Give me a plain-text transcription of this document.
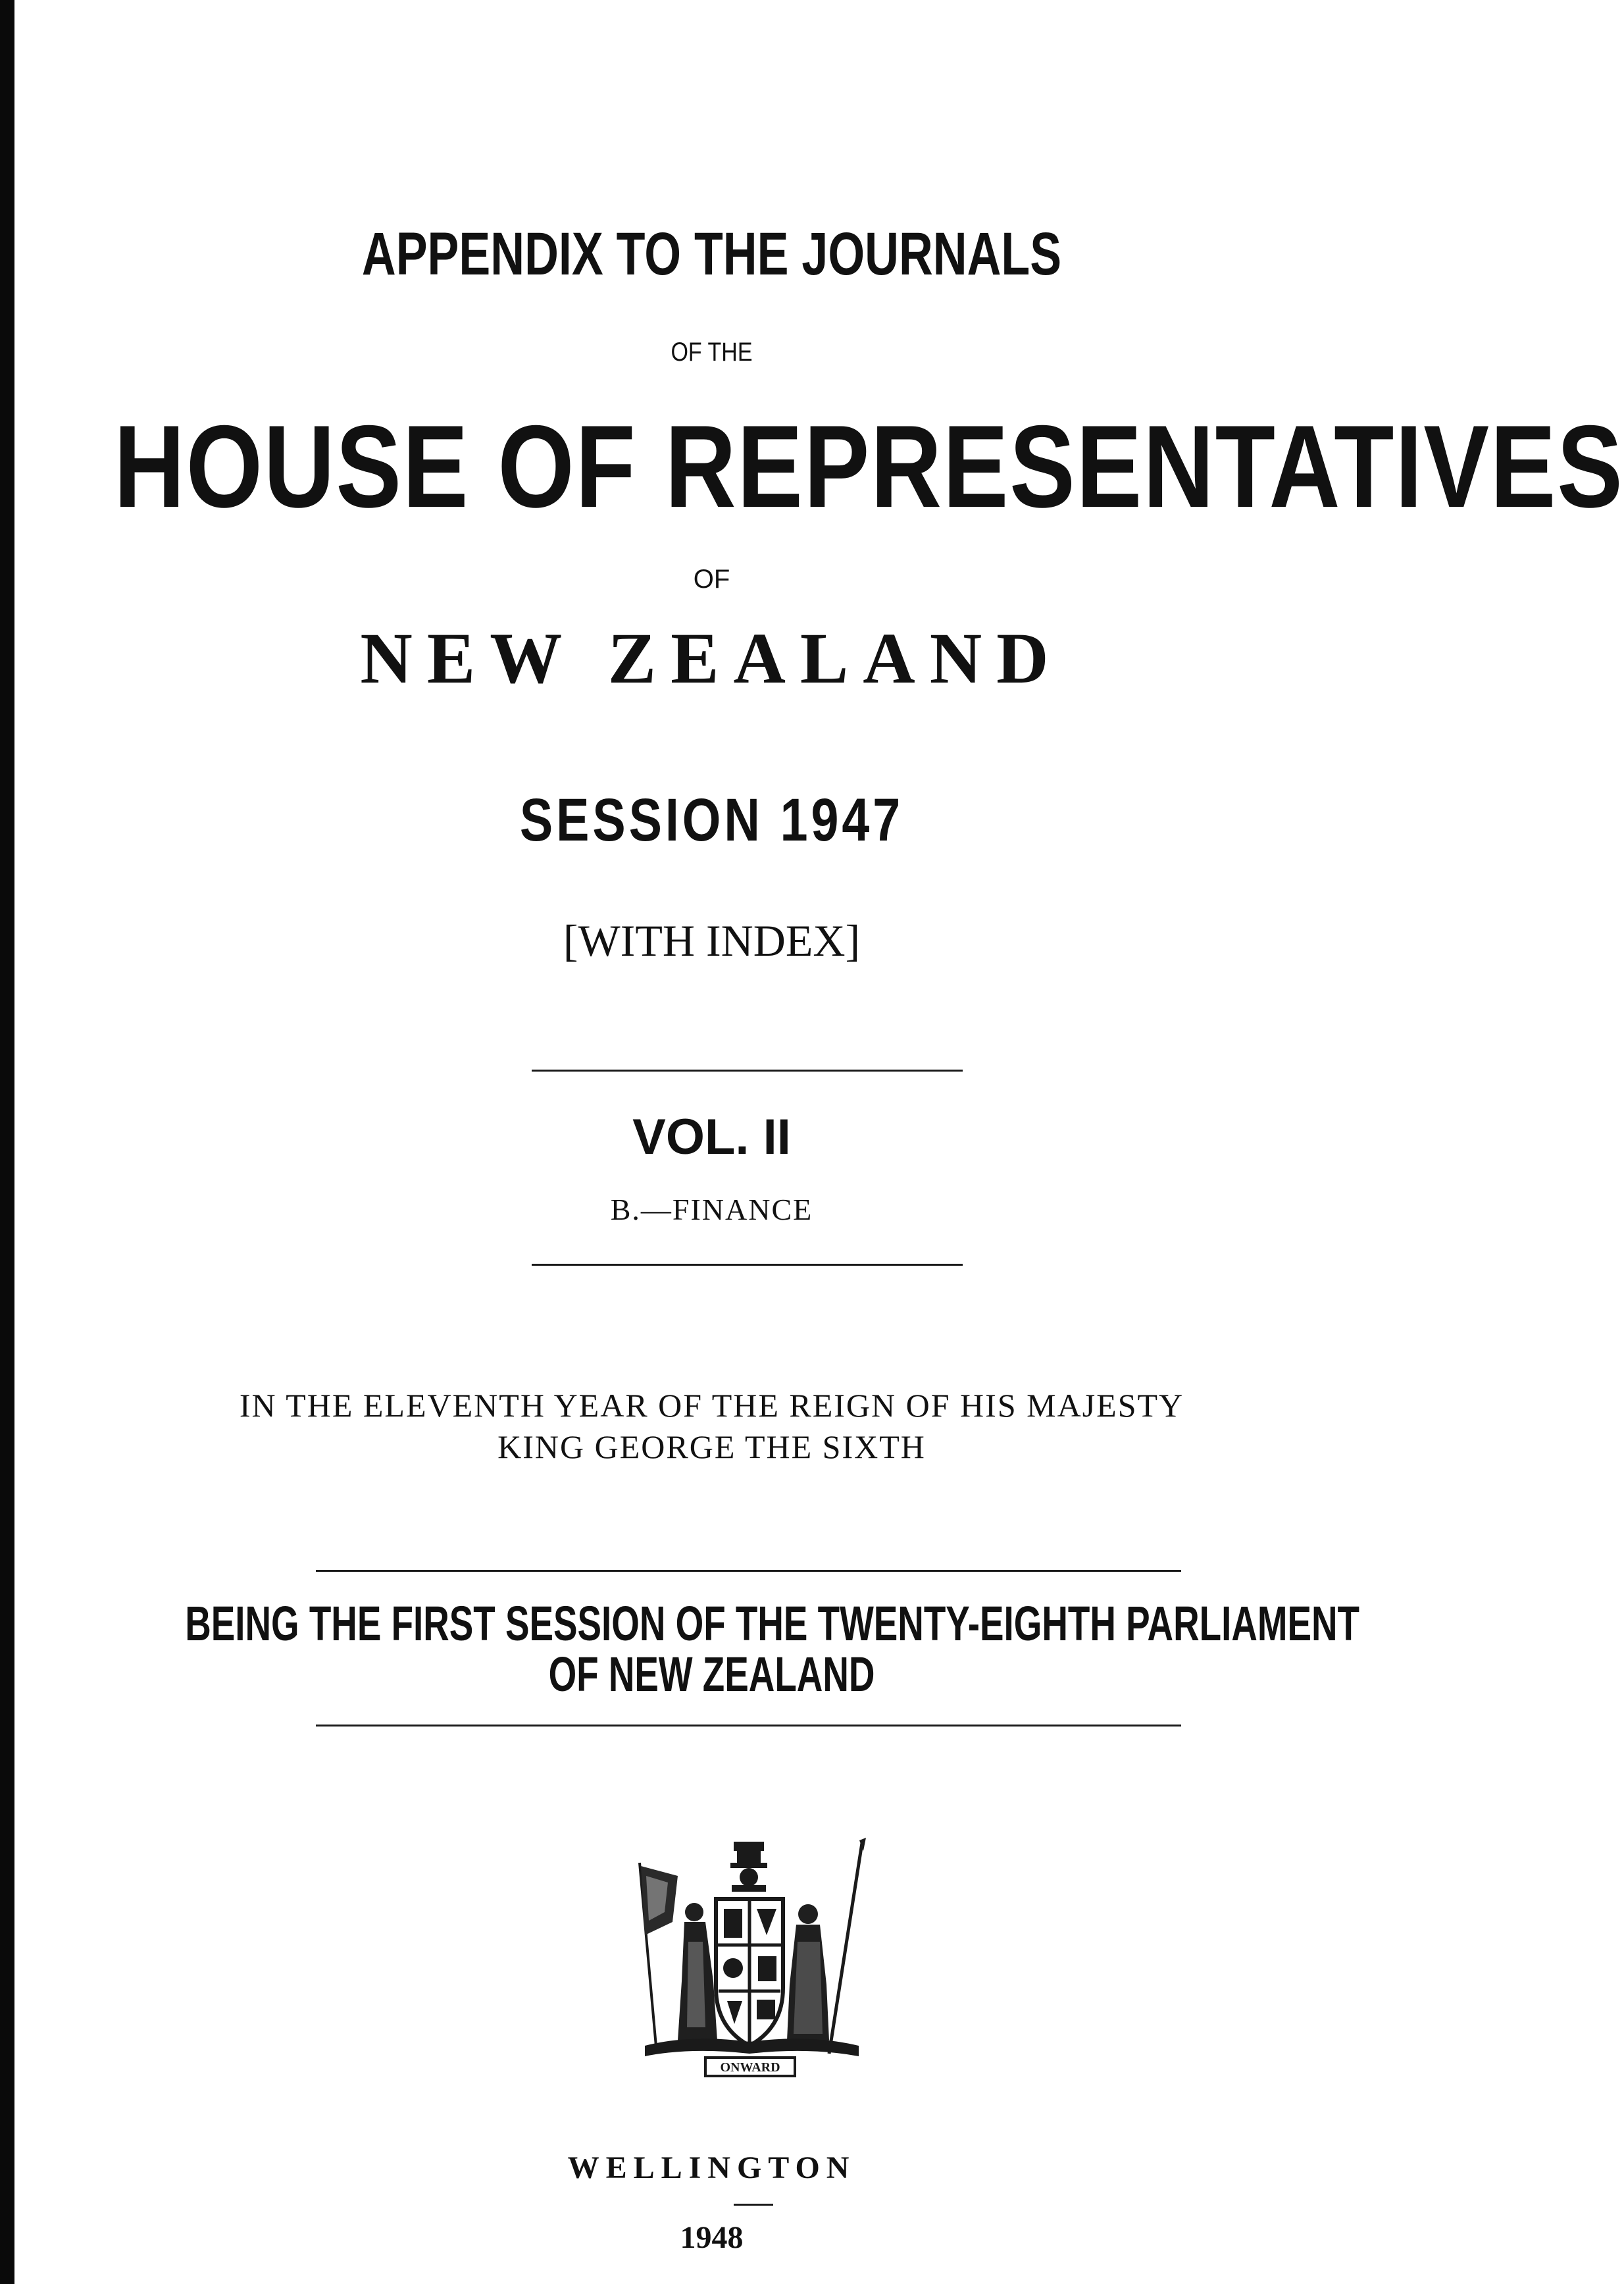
APPENDIX TO THE JOURNALS
OF THE
HOUSE OF REPRESENTATIVES
OF
NEW ZEALAND
SESSION 1947
[WITH INDEX]
VOL. II
B.—FINANCE
IN THE ELEVENTH YEAR OF THE REIGN OF HIS MAJESTY
KING GEORGE THE SIXTH
BEING THE FIRST SESSION OF THE TWENTY-EIGHTH PARLIAMENT
OF NEW ZEALAND
ONWARD
WELLINGTON
1948
